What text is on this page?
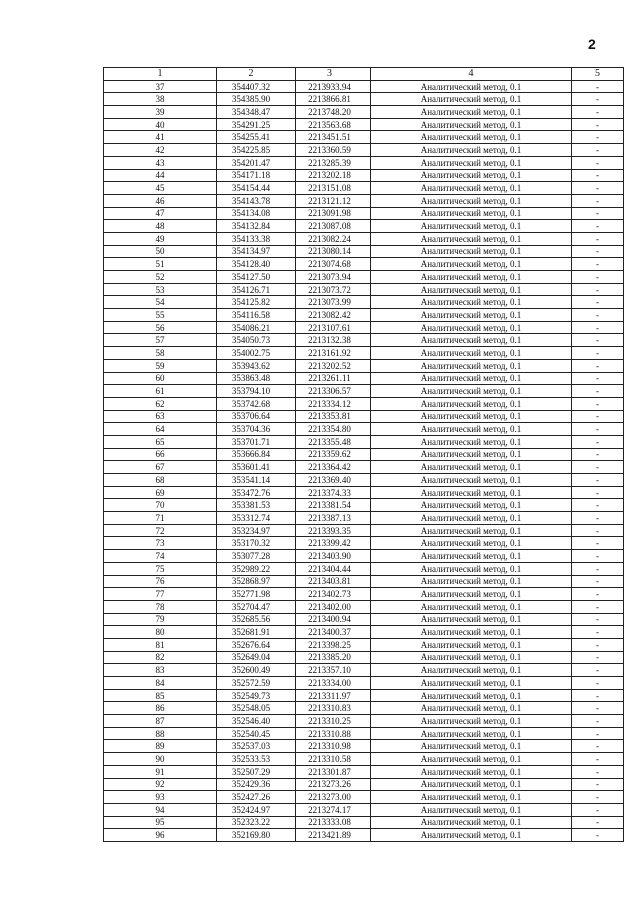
2
1	2	3	4	5
37	354407.32	2213933.94	Аналитический метод, 0.1	-
38	354385.90	2213866.81	Аналитический метод, 0.1	-
39	354348.47	2213748.20	Аналитический метод, 0.1	-
40	354291.25	2213563.68	Аналитический метод, 0.1	-
41	354255.41	2213451.51	Аналитический метод, 0.1	-
42	354225.85	2213360.59	Аналитический метод, 0.1	-
43	354201.47	2213285.39	Аналитический метод, 0.1	-
44	354171.18	2213202.18	Аналитический метод, 0.1	-
45	354154.44	2213151.08	Аналитический метод, 0.1	-
46	354143.78	2213121.12	Аналитический метод, 0.1	-
47	354134.08	2213091.98	Аналитический метод, 0.1	-
48	354132.84	2213087.08	Аналитический метод, 0.1	-
49	354133.38	2213082.24	Аналитический метод, 0.1	-
50	354134.97	2213080.14	Аналитический метод, 0.1	-
51	354128.40	2213074.68	Аналитический метод, 0.1	-
52	354127.50	2213073.94	Аналитический метод, 0.1	-
53	354126.71	2213073.72	Аналитический метод, 0.1	-
54	354125.82	2213073.99	Аналитический метод, 0.1	-
55	354116.58	2213082.42	Аналитический метод, 0.1	-
56	354086.21	2213107.61	Аналитический метод, 0.1	-
57	354050.73	2213132.38	Аналитический метод, 0.1	-
58	354002.75	2213161.92	Аналитический метод, 0.1	-
59	353943.62	2213202.52	Аналитический метод, 0.1	-
60	353863.48	2213261.11	Аналитический метод, 0.1	-
61	353794.10	2213306.57	Аналитический метод, 0.1	-
62	353742.68	2213334.12	Аналитический метод, 0.1	-
63	353706.64	2213353.81	Аналитический метод, 0.1	-
64	353704.36	2213354.80	Аналитический метод, 0.1	-
65	353701.71	2213355.48	Аналитический метод, 0.1	-
66	353666.84	2213359.62	Аналитический метод, 0.1	-
67	353601.41	2213364.42	Аналитический метод, 0.1	-
68	353541.14	2213369.40	Аналитический метод, 0.1	-
69	353472.76	2213374.33	Аналитический метод, 0.1	-
70	353381.53	2213381.54	Аналитический метод, 0.1	-
71	353312.74	2213387.13	Аналитический метод, 0.1	-
72	353234.97	2213393.35	Аналитический метод, 0.1	-
73	353170.32	2213399.42	Аналитический метод, 0.1	-
74	353077.28	2213403.90	Аналитический метод, 0.1	-
75	352989.22	2213404.44	Аналитический метод, 0.1	-
76	352868.97	2213403.81	Аналитический метод, 0.1	-
77	352771.98	2213402.73	Аналитический метод, 0.1	-
78	352704.47	2213402.00	Аналитический метод, 0.1	-
79	352685.56	2213400.94	Аналитический метод, 0.1	-
80	352681.91	2213400.37	Аналитический метод, 0.1	-
81	352676.64	2213398.25	Аналитический метод, 0.1	-
82	352649.04	2213385.20	Аналитический метод, 0.1	-
83	352600.49	2213357.10	Аналитический метод, 0.1	-
84	352572.59	2213334.00	Аналитический метод, 0.1	-
85	352549.73	2213311.97	Аналитический метод, 0.1	-
86	352548.05	2213310.83	Аналитический метод, 0.1	-
87	352546.40	2213310.25	Аналитический метод, 0.1	-
88	352540.45	2213310.88	Аналитический метод, 0.1	-
89	352537.03	2213310.98	Аналитический метод, 0.1	-
90	352533.53	2213310.58	Аналитический метод, 0.1	-
91	352507.29	2213301.87	Аналитический метод, 0.1	-
92	352429.36	2213273.26	Аналитический метод, 0.1	-
93	352427.26	2213273.00	Аналитический метод, 0.1	-
94	352424.97	2213274.17	Аналитический метод, 0.1	-
95	352323.22	2213333.08	Аналитический метод, 0.1	-
96	352169.80	2213421.89	Аналитический метод, 0.1	-
